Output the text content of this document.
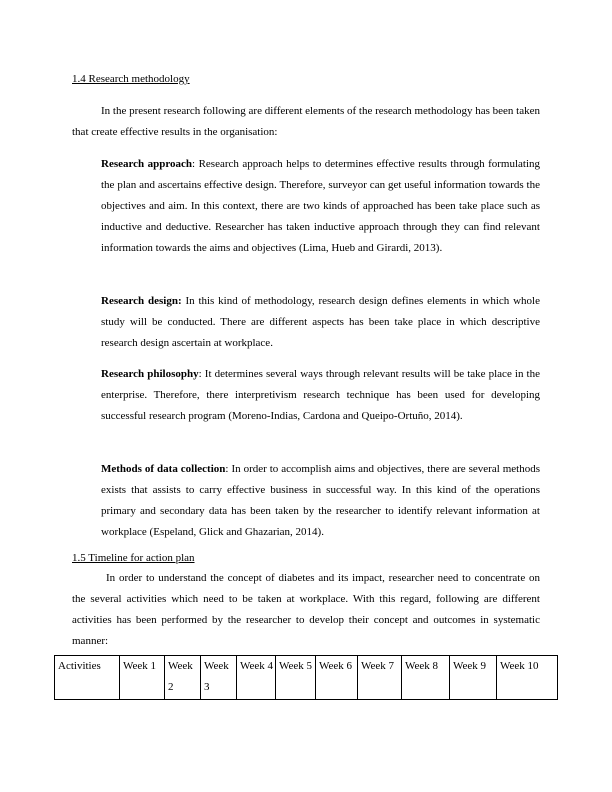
1.4 Research methodology
In the present research following are different elements of the research methodology has been taken that create effective results in the organisation:
Research approach: Research approach helps to determines effective results through formulating the plan and ascertains effective design. Therefore, surveyor can get useful information towards the objectives and aim. In this context, there are two kinds of approached has been take place such as inductive and deductive. Researcher has taken inductive approach through they can find relevant information towards the aims and objectives (Lima, Hueb and Girardi, 2013).
Research design: In this kind of methodology, research design defines elements in which whole study will be conducted. There are different aspects has been take place in which descriptive research design ascertain at workplace.
Research philosophy: It determines several ways through relevant results will be take place in the enterprise. Therefore, there interpretivism research technique has been used for developing successful research program (Moreno-Indias, Cardona and Queipo-Ortuño, 2014).
Methods of data collection: In order to accomplish aims and objectives, there are several methods exists that assists to carry effective business in successful way. In this kind of the operations primary and secondary data has been taken by the researcher to identify relevant information at workplace (Espeland, Glick and Ghazarian, 2014).
1.5 Timeline for action plan
In order to understand the concept of diabetes and its impact, researcher need to concentrate on the several activities which need to be taken at workplace. With this regard, following are different activities has been performed by the researcher to develop their concept and outcomes in systematic manner:
Activities	Week 1	Week 2	Week 3	Week 4	Week 5	Week 6	Week 7	Week 8	Week 9	Week 10
